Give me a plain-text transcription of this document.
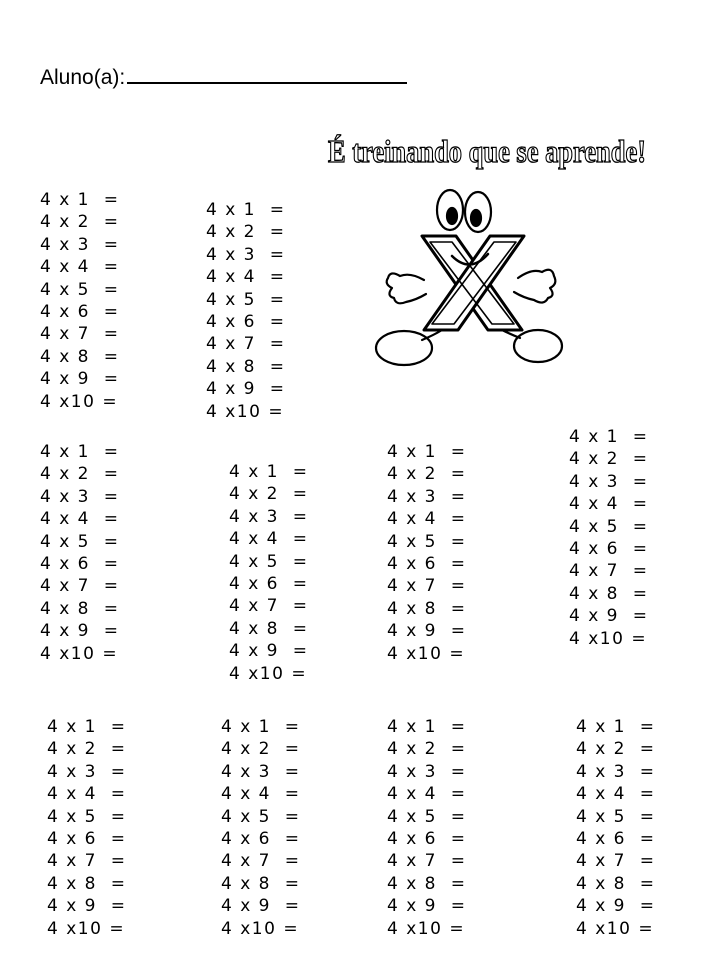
Aluno(a):
É treinando que se aprende!
4 x 1  =
4 x 2  =
4 x 3  =
4 x 4  =
4 x 5  =
4 x 6  =
4 x 7  =
4 x 8  =
4 x 9  =
4 x10 =
4 x 1  =
4 x 2  =
4 x 3  =
4 x 4  =
4 x 5  =
4 x 6  =
4 x 7  =
4 x 8  =
4 x 9  =
4 x10 =
4 x 1  =
4 x 2  =
4 x 3  =
4 x 4  =
4 x 5  =
4 x 6  =
4 x 7  =
4 x 8  =
4 x 9  =
4 x10 =
4 x 1  =
4 x 2  =
4 x 3  =
4 x 4  =
4 x 5  =
4 x 6  =
4 x 7  =
4 x 8  =
4 x 9  =
4 x10 =
4 x 1  =
4 x 2  =
4 x 3  =
4 x 4  =
4 x 5  =
4 x 6  =
4 x 7  =
4 x 8  =
4 x 9  =
4 x10 =
4 x 1  =
4 x 2  =
4 x 3  =
4 x 4  =
4 x 5  =
4 x 6  =
4 x 7  =
4 x 8  =
4 x 9  =
4 x10 =
4 x 1  =
4 x 2  =
4 x 3  =
4 x 4  =
4 x 5  =
4 x 6  =
4 x 7  =
4 x 8  =
4 x 9  =
4 x10 =
4 x 1  =
4 x 2  =
4 x 3  =
4 x 4  =
4 x 5  =
4 x 6  =
4 x 7  =
4 x 8  =
4 x 9  =
4 x10 =
4 x 1  =
4 x 2  =
4 x 3  =
4 x 4  =
4 x 5  =
4 x 6  =
4 x 7  =
4 x 8  =
4 x 9  =
4 x10 =
4 x 1  =
4 x 2  =
4 x 3  =
4 x 4  =
4 x 5  =
4 x 6  =
4 x 7  =
4 x 8  =
4 x 9  =
4 x10 =
